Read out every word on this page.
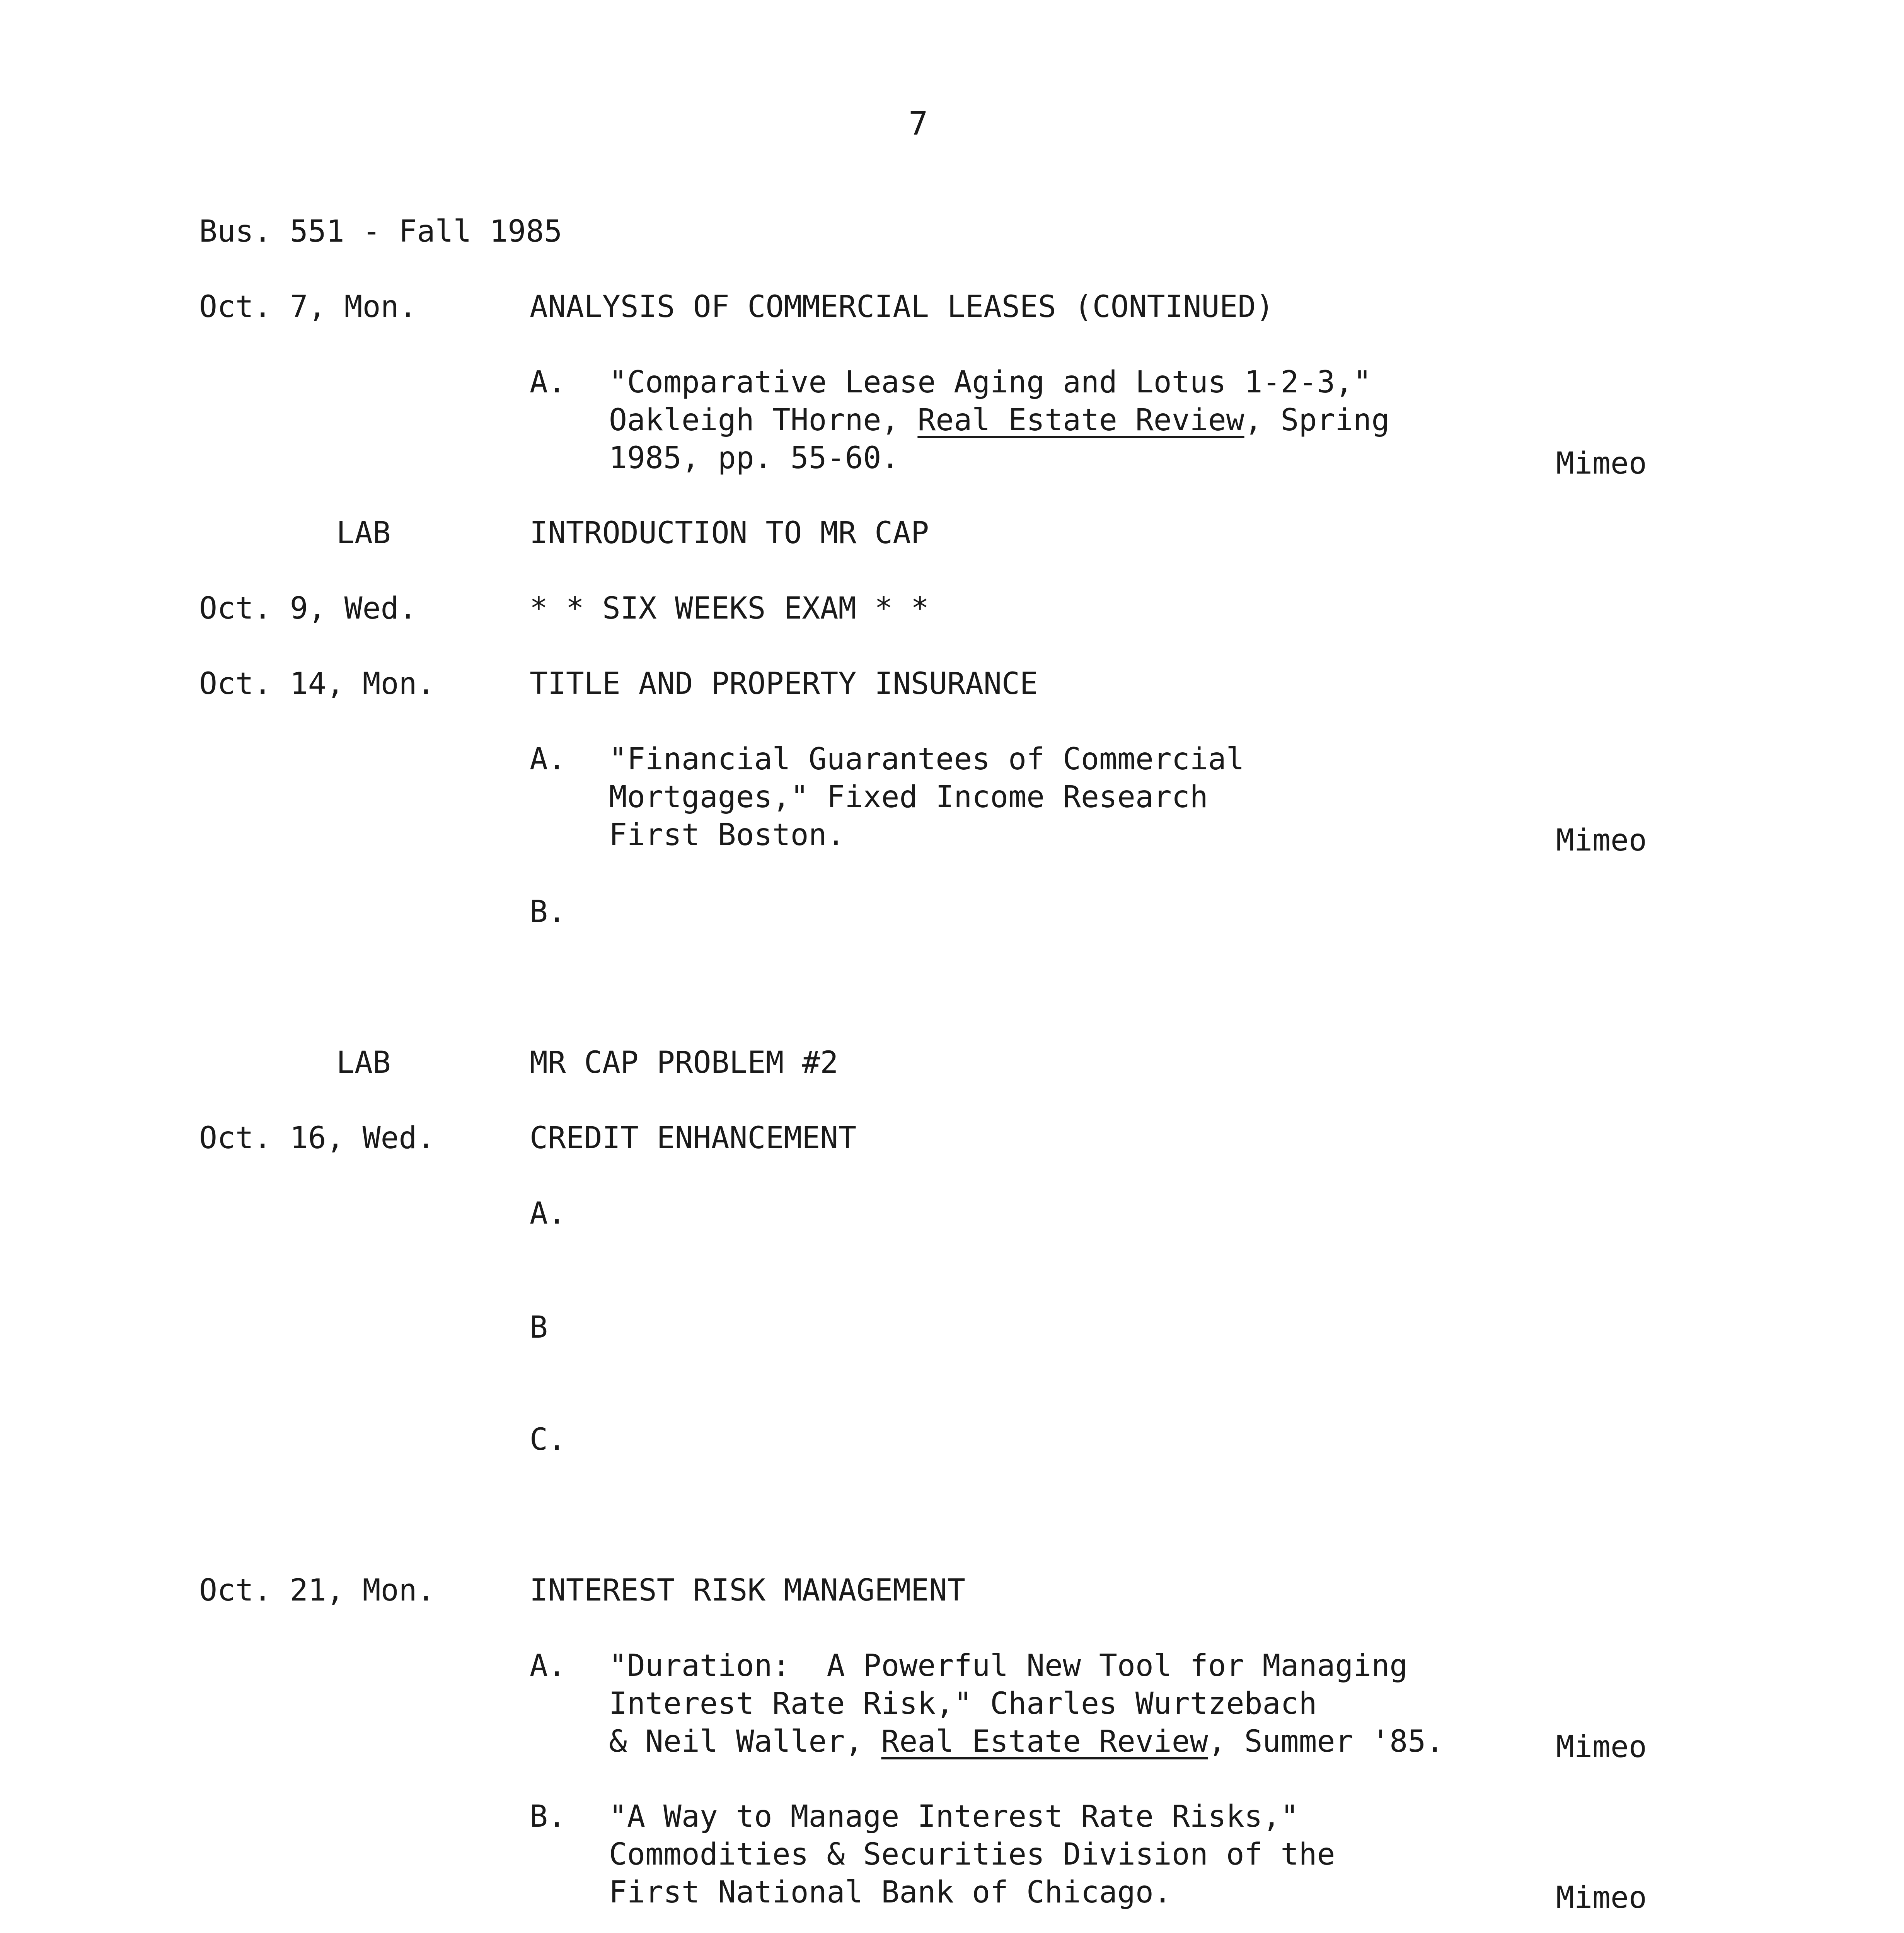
7
Bus. 551 - Fall 1985
Oct. 7, Mon.	ANALYSIS OF COMMERCIAL LEASES (CONTINUED)
A. "Comparative Lease Aging and Lotus 1-2-3,"
Oakleigh THorne, Real Estate Review, Spring
1985, pp. 55-60.	Mimeo
LAB	INTRODUCTION TO MR CAP
Oct. 9, Wed.	* * SIX WEEKS EXAM * *
Oct. 14, Mon.	TITLE AND PROPERTY INSURANCE
A. "Financial Guarantees of Commercial
Mortgages," Fixed Income Research
First Boston.	Mimeo
B.
LAB	MR CAP PROBLEM #2
Oct. 16, Wed.	CREDIT ENHANCEMENT
A.
B
C.
Oct. 21, Mon.	INTEREST RISK MANAGEMENT
A. "Duration:  A Powerful New Tool for Managing
Interest Rate Risk," Charles Wurtzebach
& Neil Waller, Real Estate Review, Summer '85.	Mimeo
B. "A Way to Manage Interest Rate Risks,"
Commodities & Securities Division of the
First National Bank of Chicago.	Mimeo
